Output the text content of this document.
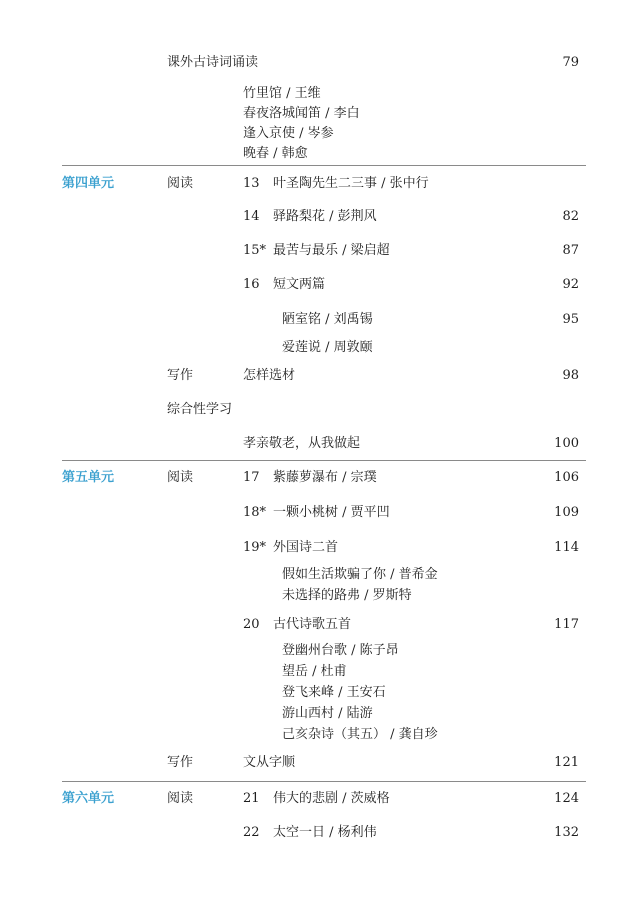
课外古诗词诵读	79
竹里馆 / 王维
春夜洛城闻笛 / 李白
逢入京使 / 岑参
晚春 / 韩愈
第四单元	阅读	13 叶圣陶先生二三事 / 张中行
14 驿路梨花 / 彭荆风	82
15* 最苦与最乐 / 梁启超	87
16 短文两篇	92
陋室铭 / 刘禹锡	95
爱莲说 / 周敦颐
写作	怎样选材	98
综合性学习
孝亲敬老，从我做起	100
第五单元	阅读	17 紫藤萝瀑布 / 宗璞	106
18* 一颗小桃树 / 贾平凹	109
19* 外国诗二首	114
假如生活欺骗了你 / 普希金
未选择的路弗 / 罗斯特
20 古代诗歌五首	117
登幽州台歌 / 陈子昂
望岳 / 杜甫
登飞来峰 / 王安石
游山西村 / 陆游
己亥杂诗（其五） / 龚自珍
写作	文从字顺	121
第六单元	阅读	21 伟大的悲剧 / 茨威格	124
22 太空一日 / 杨利伟	132
